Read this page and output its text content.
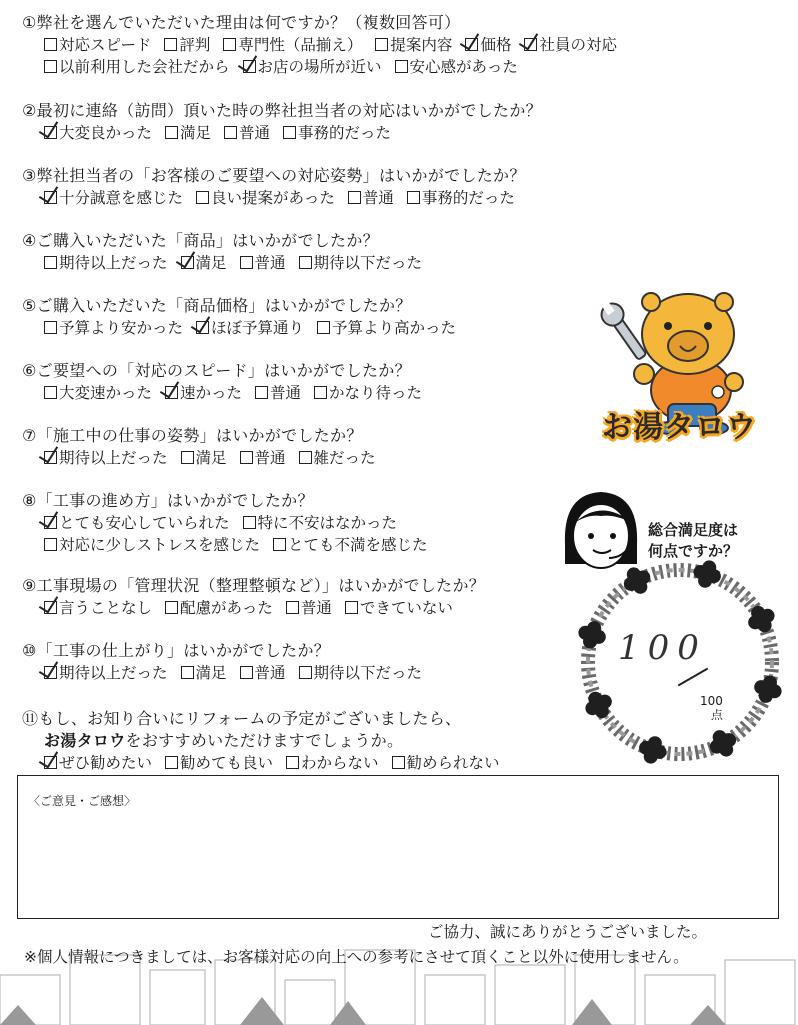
①弊社を選んでいただいた理由は何ですか？（複数回答可）
対応スピード 評判 専門性（品揃え） 提案内容 価格 社員の対応
以前利用した会社だから お店の場所が近い 安心感があった
②最初に連絡（訪問）頂いた時の弊社担当者の対応はいかがでしたか？
大変良かった 満足 普通 事務的だった
③弊社担当者の「お客様のご要望への対応姿勢」はいかがでしたか？
十分誠意を感じた 良い提案があった 普通 事務的だった
④ご購入いただいた「商品」はいかがでしたか？
期待以上だった 満足 普通 期待以下だった
⑤ご購入いただいた「商品価格」はいかがでしたか？
予算より安かった ほぼ予算通り 予算より高かった
⑥ご要望への「対応のスピード」はいかがでしたか？
大変速かった 速かった 普通 かなり待った
⑦「施工中の仕事の姿勢」はいかがでしたか？
期待以上だった 満足 普通 雑だった
⑧「工事の進め方」はいかがでしたか？
とても安心していられた 特に不安はなかった
対応に少しストレスを感じた とても不満を感じた
⑨工事現場の「管理状況（整理整頓など）」はいかがでしたか？
言うことなし 配慮があった 普通 できていない
⑩「工事の仕上がり」はいかがでしたか？
期待以上だった 満足 普通 期待以下だった
⑪もし、お知り合いにリフォームの予定がございましたら、
お湯タロウをおすすめいただけますでしょうか。
ぜひ勧めたい 勧めても良い わからない 勧められない
お湯タロウ
総合満足度は
何点ですか？
100
100
点
〈ご意見・ご感想〉
ご協力、誠にありがとうございました。
※個人情報につきましては、お客様対応の向上への参考にさせて頂くこと以外に使用しません。
